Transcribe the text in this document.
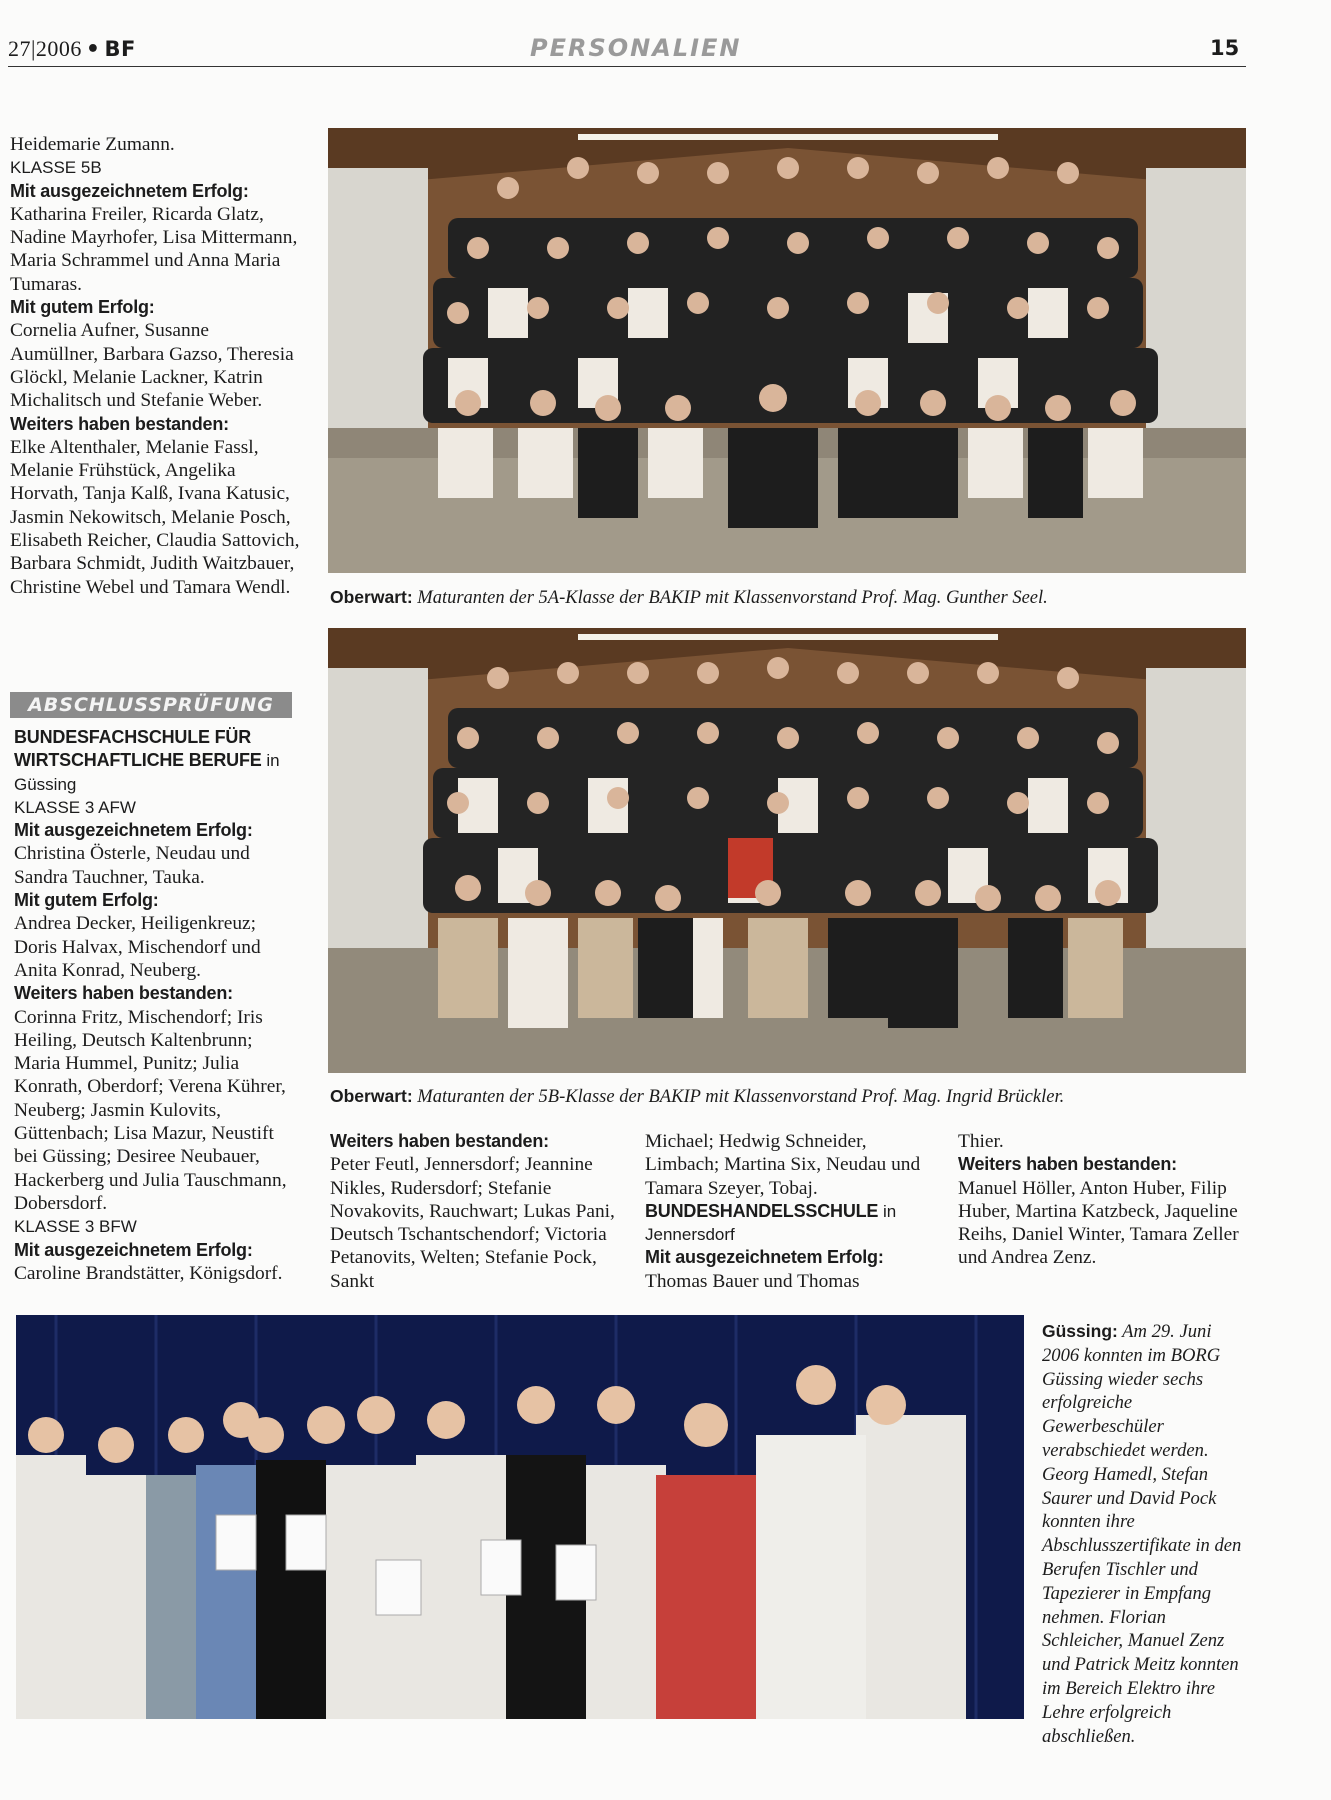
27|2006 • BF	PERSONALIEN	15

Heidemarie Zumann.

KLASSE 5B

Mit ausgezeichnetem Erfolg:

Katharina Freiler, Ricarda Glatz, Nadine Mayrhofer, Lisa Mittermann, Maria Schrammel und Anna Maria Tumaras.

Mit gutem Erfolg:

Cornelia Aufner, Susanne Aumüllner, Barbara Gazso, Theresia Glöckl, Melanie Lackner, Katrin Michalitsch und Stefanie Weber.

Weiters haben bestanden:

Elke Altenthaler, Melanie Fassl, Melanie Frühstück, Angelika Horvath, Tanja Kalß, Ivana Katusic, Jasmin Nekowitsch, Melanie Posch, Elisabeth Reicher, Claudia Sattovich, Barbara Schmidt, Judith Waitzbauer, Christine Webel und Tamara Wendl.

ABSCHLUSSPRÜFUNG

BUNDESFACHSCHULE FÜR WIRTSCHAFTLICHE BERUFE in Güssing

KLASSE 3 AFW

Mit ausgezeichnetem Erfolg:

Christina Österle, Neudau und Sandra Tauchner, Tauka.

Mit gutem Erfolg:

Andrea Decker, Heiligenkreuz; Doris Halvax, Mischendorf und Anita Konrad, Neuberg.

Weiters haben bestanden:

Corinna Fritz, Mischendorf; Iris Heiling, Deutsch Kaltenbrunn; Maria Hummel, Punitz; Julia Konrath, Oberdorf; Verena Kührer, Neuberg; Jasmin Kulovits, Güttenbach; Lisa Mazur, Neustift bei Güssing; Desiree Neubauer, Hackerberg und Julia Tauschmann, Dobersdorf.

KLASSE 3 BFW

Mit ausgezeichnetem Erfolg:

Caroline Brandstätter, Königsdorf.

Oberwart: Maturanten der 5A-Klasse der BAKIP mit Klassenvorstand Prof. Mag. Gunther Seel.
Oberwart: Maturanten der 5B-Klasse der BAKIP mit Klassenvorstand Prof. Mag. Ingrid Brückler.

Weiters haben bestanden:

Peter Feutl, Jennersdorf; Jeannine Nikles, Rudersdorf; Stefanie Novakovits, Rauchwart; Lukas Pani, Deutsch Tschantschendorf; Victoria Petanovits, Welten; Stefanie Pock, Sankt

Michael; Hedwig Schneider, Limbach; Martina Six, Neudau und Tamara Szeyer, Tobaj.

BUNDESHANDELSSCHULE in

Jennersdorf

Mit ausgezeichnetem Erfolg:

Thomas Bauer und Thomas

Thier.

Weiters haben bestanden:

Manuel Höller, Anton Huber, Filip Huber, Martina Katzbeck, Jaqueline Reihs, Daniel Winter, Tamara Zeller und Andrea Zenz.

Güssing: Am 29. Juni 2006 konnten im BORG Güssing wieder sechs erfolgreiche Gewerbeschüler verabschiedet werden. Georg Hamedl, Stefan Saurer und David Pock konnten ihre Abschlusszertifikate in den Berufen Tischler und Tapezierer in Empfang nehmen. Florian Schleicher, Manuel Zenz und Patrick Meitz konnten im Bereich Elektro ihre Lehre erfolgreich abschließen.
